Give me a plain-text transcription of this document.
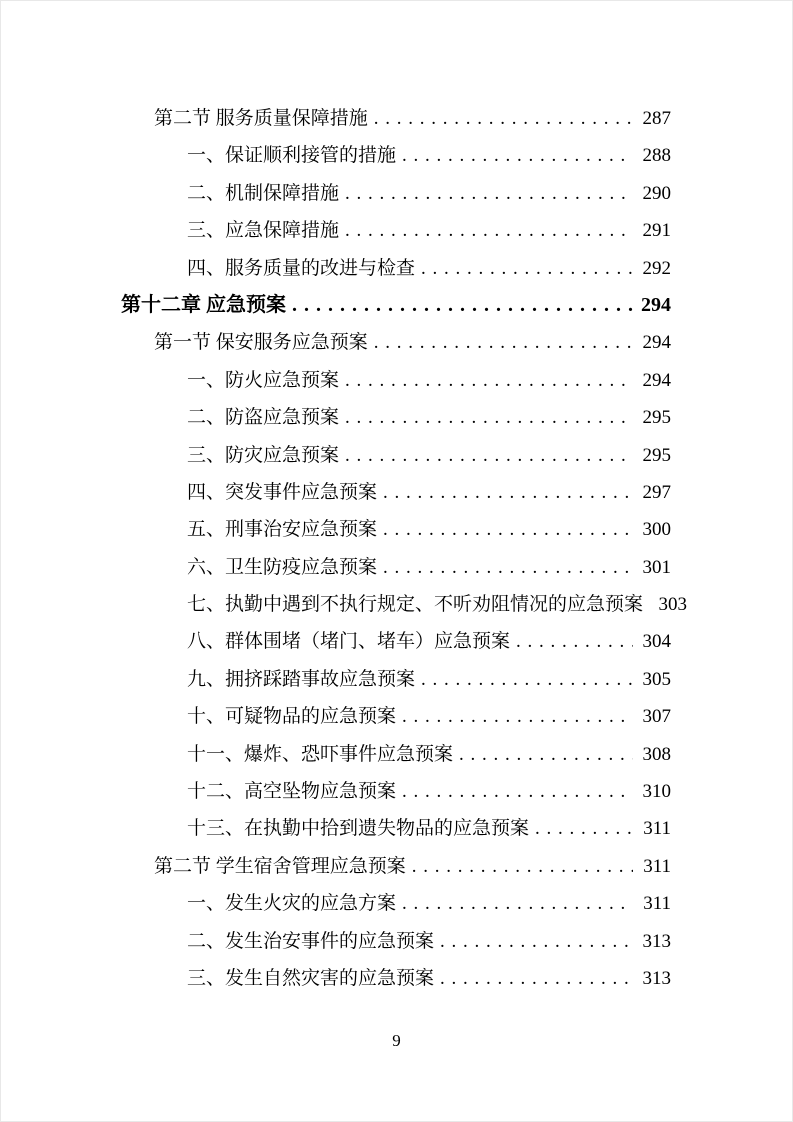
第二节 服务质量保障措施 . . .	287
一、保证顺利接管的措施 . . .	288
二、机制保障措施 . . .	290
三、应急保障措施 . . .	291
四、服务质量的改进与检查 . . .	292
第十二章 应急预案 . . .	294
第一节 保安服务应急预案 . . .	294
一、防火应急预案 . . .	294
二、防盗应急预案 . . .	295
三、防灾应急预案 . . .	295
四、突发事件应急预案 . . .	297
五、刑事治安应急预案 . . .	300
六、卫生防疫应急预案 . . .	301
七、执勤中遇到不执行规定、不听劝阻情况的应急预案 303
八、群体围堵（堵门、堵车）应急预案 . . .	304
九、拥挤踩踏事故应急预案 . . .	305
十、可疑物品的应急预案 . . .	307
十一、爆炸、恐吓事件应急预案 . . .	308
十二、高空坠物应急预案 . . .	310
十三、在执勤中拾到遗失物品的应急预案 . . .	311
第二节 学生宿舍管理应急预案 . . .	311
一、发生火灾的应急方案 . . .	311
二、发生治安事件的应急预案 . . .	313
三、发生自然灾害的应急预案 . . .	313
9
